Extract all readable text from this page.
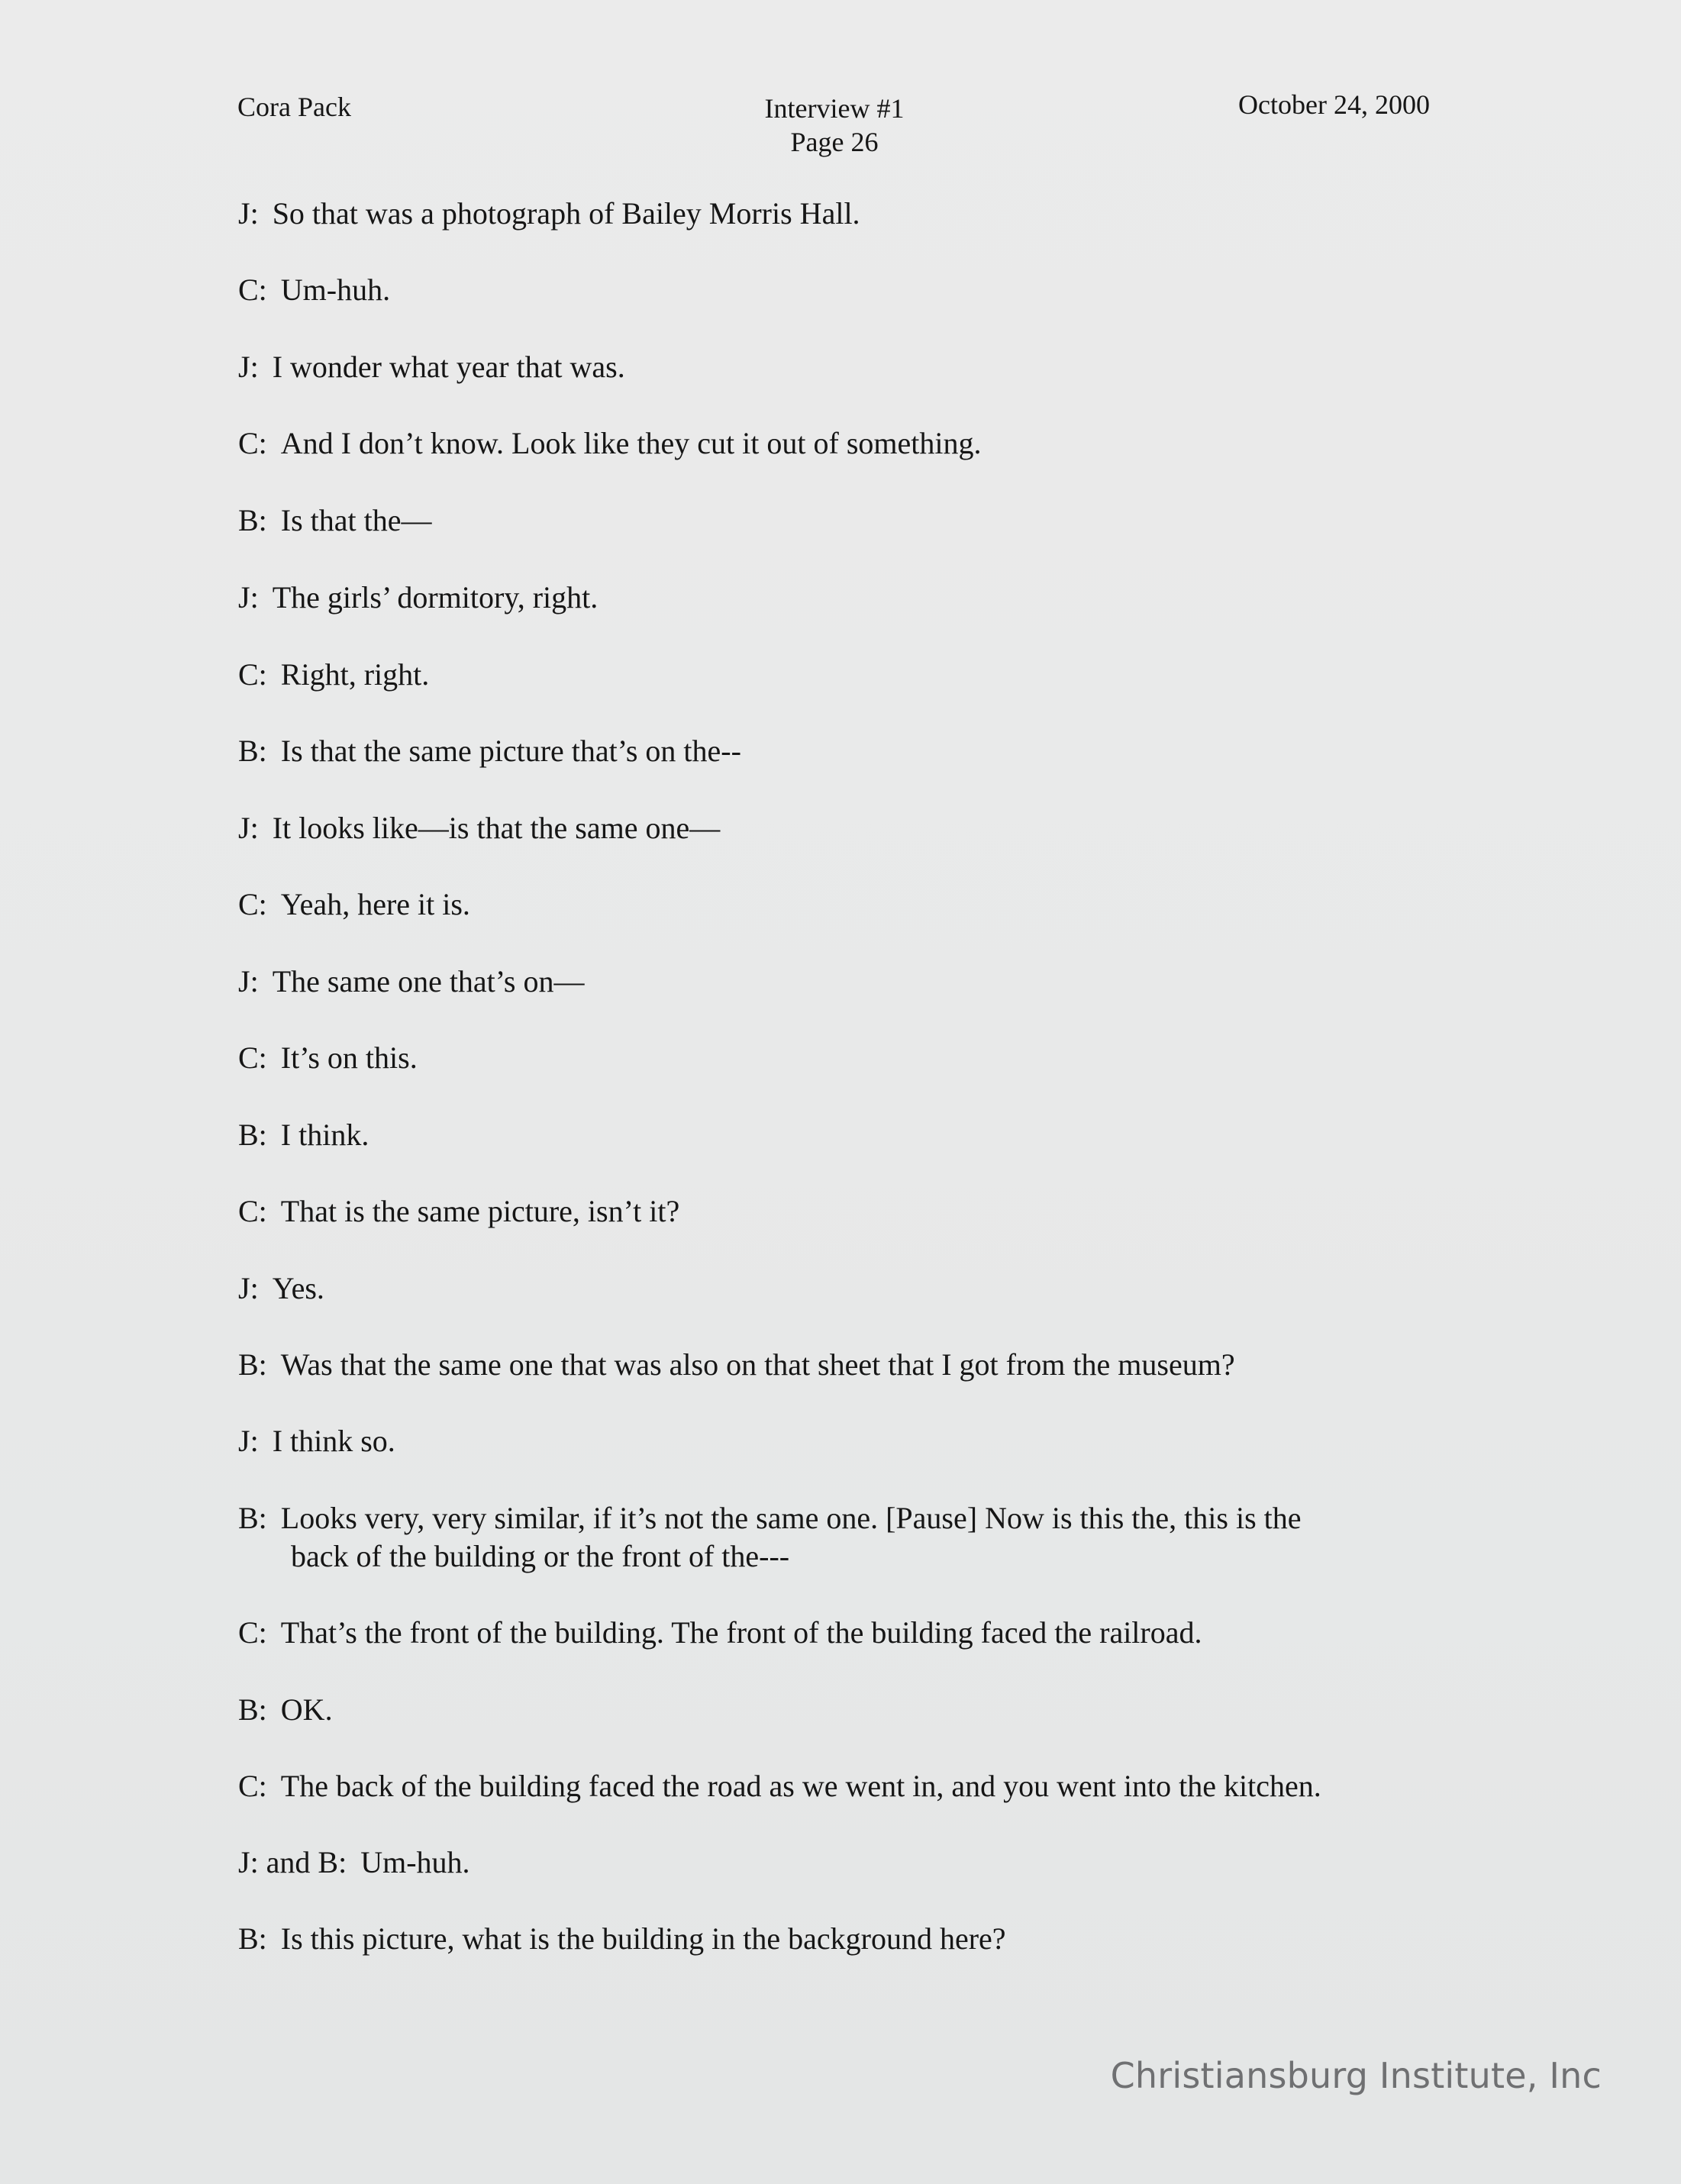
Cora Pack	Interview #1
Page 26
October 24, 2000
J: So that was a photograph of Bailey Morris Hall.
C: Um-huh.
J: I wonder what year that was.
C: And I don’t know. Look like they cut it out of something.
B: Is that the—
J: The girls’ dormitory, right.
C: Right, right.
B: Is that the same picture that’s on the--
J: It looks like—is that the same one—
C: Yeah, here it is.
J: The same one that’s on—
C: It’s on this.
B: I think.
C: That is the same picture, isn’t it?
J: Yes.
B: Was that the same one that was also on that sheet that I got from the museum?
J: I think so.
B: Looks very, very similar, if it’s not the same one. [Pause] Now is this the, this is the
back of the building or the front of the---
C: That’s the front of the building. The front of the building faced the railroad.
B: OK.
C: The back of the building faced the road as we went in, and you went into the kitchen.
J: and B: Um-huh.
B: Is this picture, what is the building in the background here?
Christiansburg Institute, Inc
